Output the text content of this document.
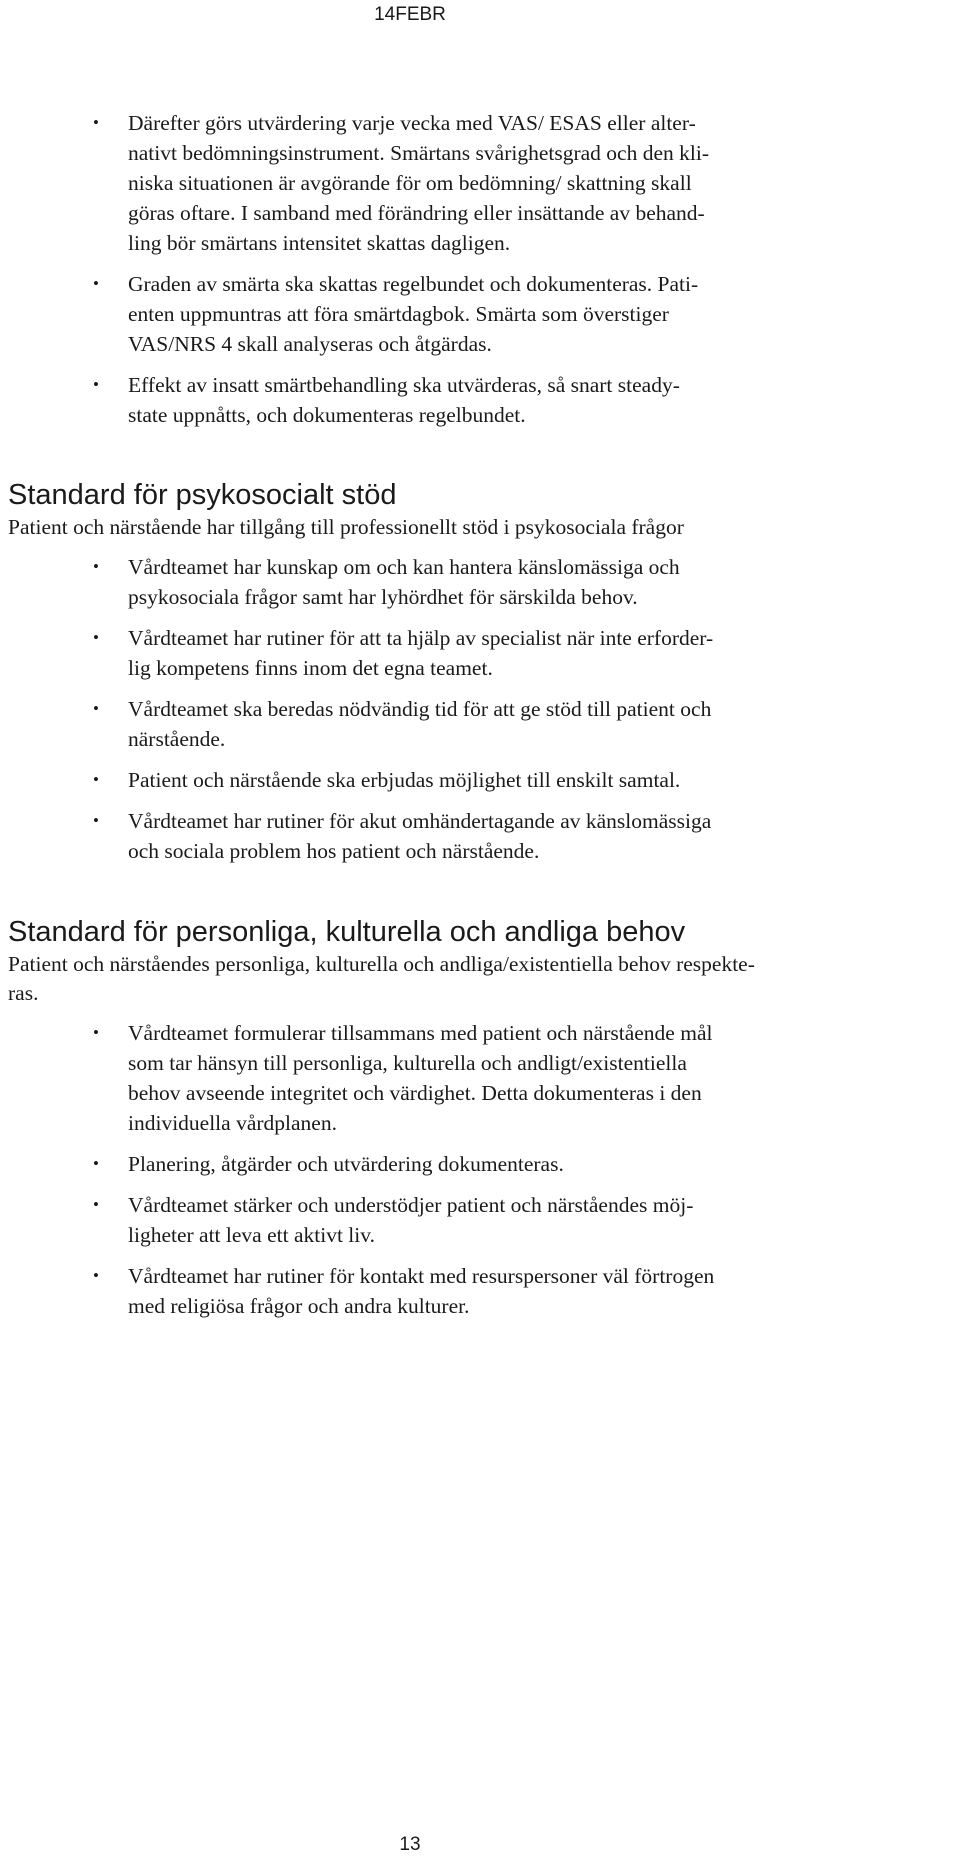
14FEBR
• Därefter görs utvärdering varje vecka med VAS/ ESAS eller alter-
nativt bedömningsinstrument. Smärtans svårighetsgrad och den kli-
niska situationen är avgörande för om bedömning/ skattning skall
göras oftare. I samband med förändring eller insättande av behand-
ling bör smärtans intensitet skattas dagligen.
• Graden av smärta ska skattas regelbundet och dokumenteras. Pati-
enten uppmuntras att föra smärtdagbok. Smärta som överstiger
VAS/NRS 4 skall analyseras och åtgärdas.
• Effekt av insatt smärtbehandling ska utvärderas, så snart steady-
state uppnåtts, och dokumenteras regelbundet.
Standard för psykosocialt stöd

Patient och närstående har tillgång till professionellt stöd i psykosociala frågor

• Vårdteamet har kunskap om och kan hantera känslomässiga och
psykosociala frågor samt har lyhördhet för särskilda behov.
• Vårdteamet har rutiner för att ta hjälp av specialist när inte erforder-
lig kompetens finns inom det egna teamet.
• Vårdteamet ska beredas nödvändig tid för att ge stöd till patient och
närstående.
• Patient och närstående ska erbjudas möjlighet till enskilt samtal.
• Vårdteamet har rutiner för akut omhändertagande av känslomässiga
och sociala problem hos patient och närstående.
Standard för personliga, kulturella och andliga behov

Patient och närståendes personliga, kulturella och andliga/existentiella behov respekte-
ras.

• Vårdteamet formulerar tillsammans med patient och närstående mål
som tar hänsyn till personliga, kulturella och andligt/existentiella
behov avseende integritet och värdighet. Detta dokumenteras i den
individuella vårdplanen.
• Planering, åtgärder och utvärdering dokumenteras.
• Vårdteamet stärker och understödjer patient och närståendes möj-
ligheter att leva ett aktivt liv.
• Vårdteamet har rutiner för kontakt med resurspersoner väl förtrogen
med religiösa frågor och andra kulturer.
13
